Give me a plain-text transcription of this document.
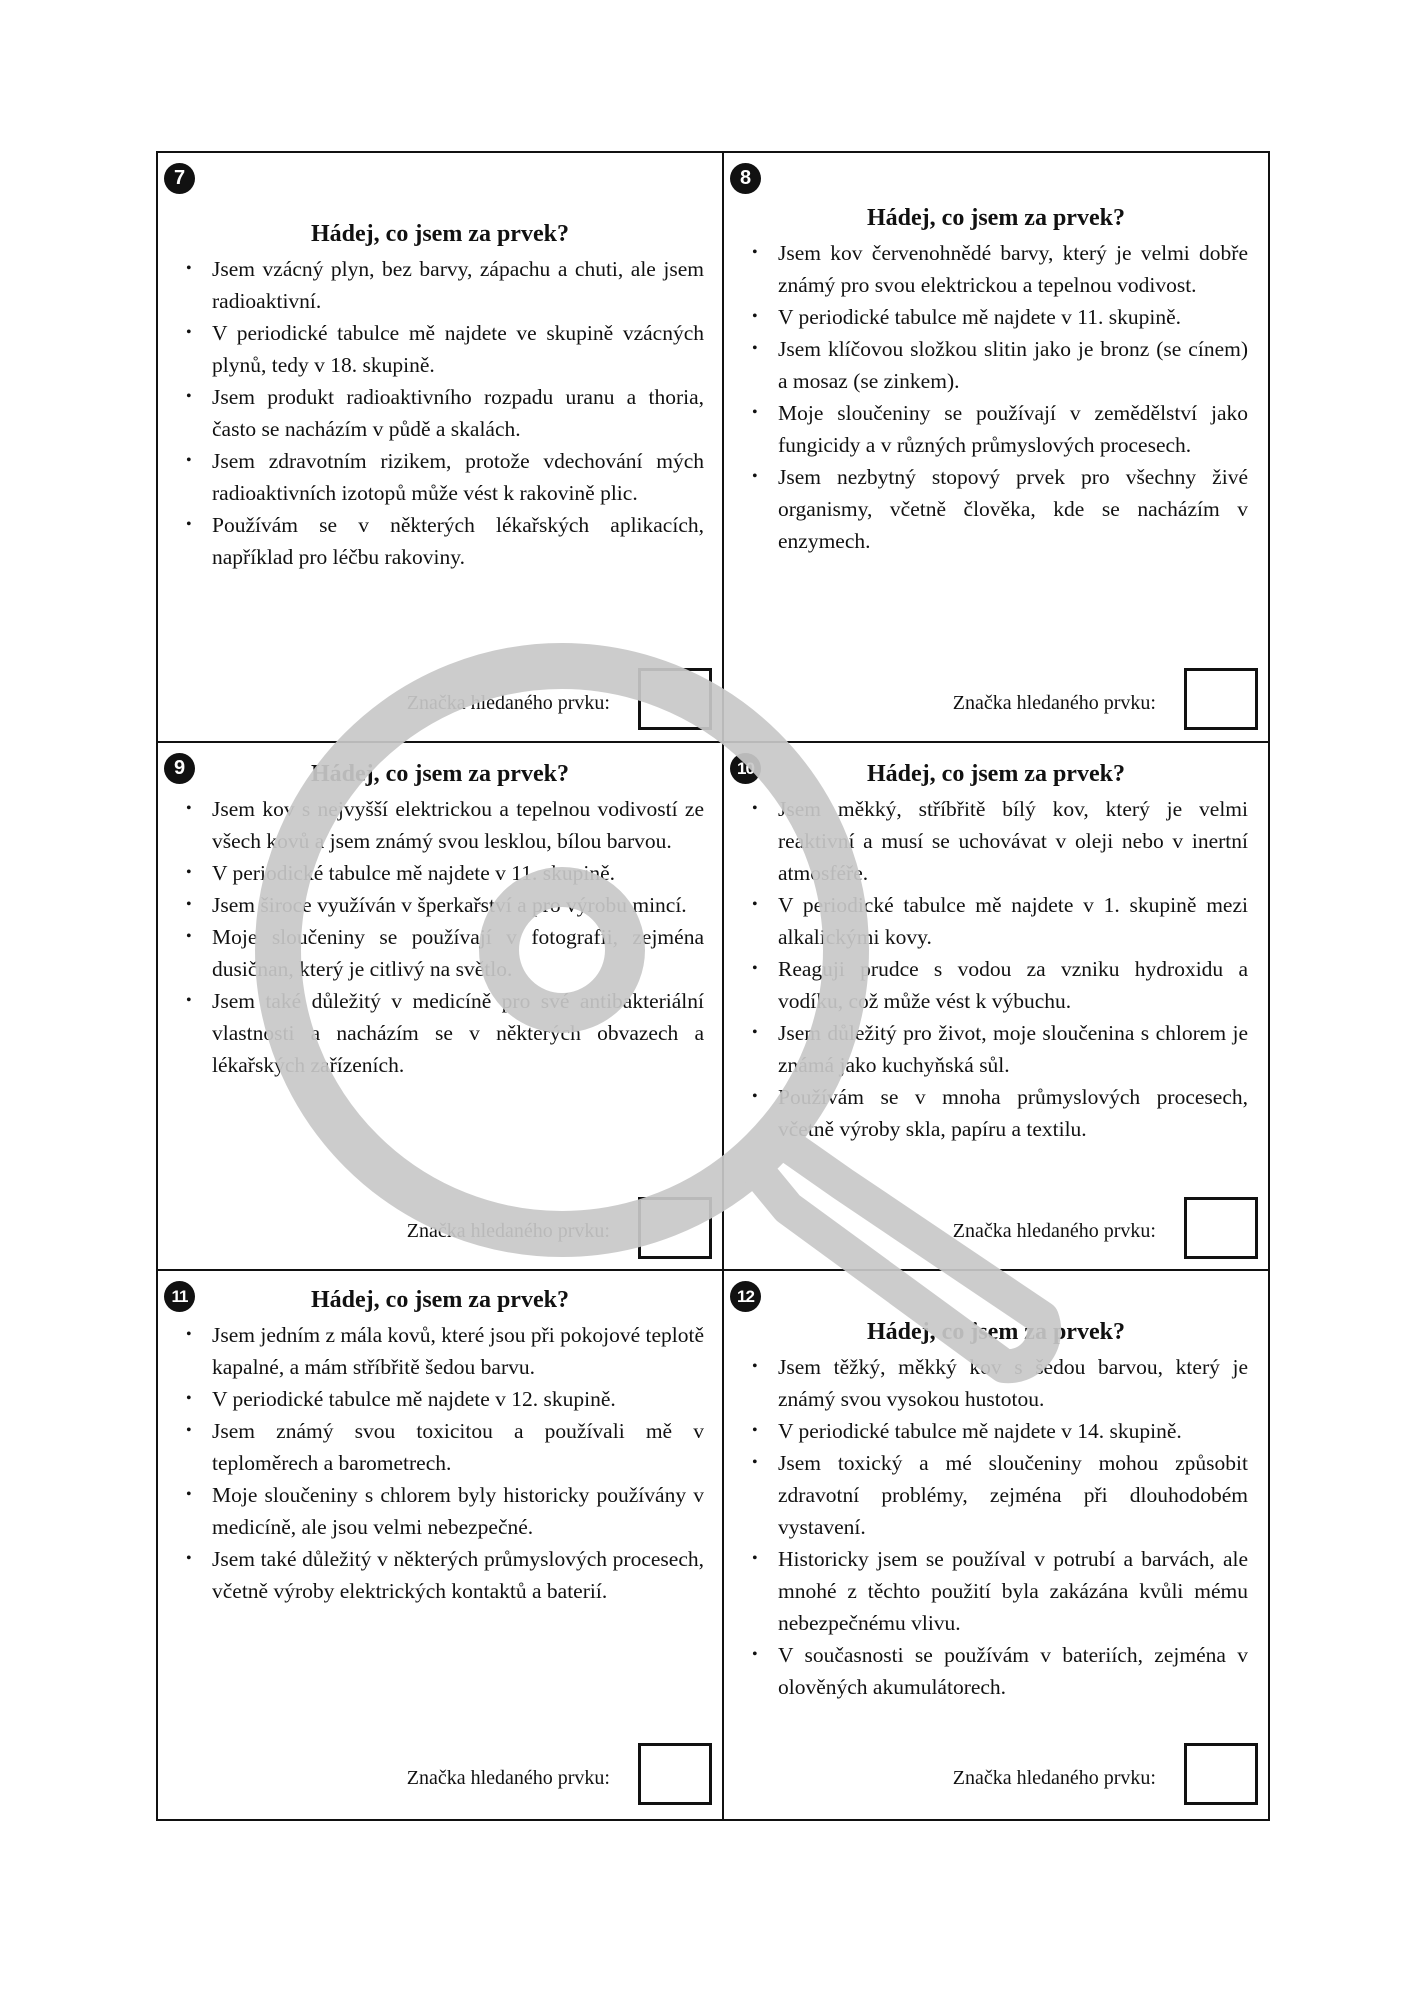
7
Hádej, co jsem za prvek?
• Jsem vzácný plyn, bez barvy, zápachu a chuti, ale jsem radioaktivní.
• V periodické tabulce mě najdete ve skupině vzácných plynů, tedy v 18. skupině.
• Jsem produkt radioaktivního rozpadu uranu a thoria, často se nacházím v půdě a skalách.
• Jsem zdravotním rizikem, protože vdechování mých radioaktivních izotopů může vést k rakovině plic.
• Používám se v některých lékařských aplikacích, například pro léčbu rakoviny.
Značka hledaného prvku:
8
Hádej, co jsem za prvek?
• Jsem kov červenohnědé barvy, který je velmi dobře známý pro svou elektrickou a tepelnou vodivost.
• V periodické tabulce mě najdete v 11. skupině.
• Jsem klíčovou složkou slitin jako je bronz (se cínem) a mosaz (se zinkem).
• Moje sloučeniny se používají v zemědělství jako fungicidy a v různých průmyslových procesech.
• Jsem nezbytný stopový prvek pro všechny živé organismy, včetně člověka, kde se nacházím v enzymech.
Značka hledaného prvku:
9	Hádej, co jsem za prvek?
• Jsem kov s nejvyšší elektrickou a tepelnou vodivostí ze všech kovů a jsem známý svou lesklou, bílou barvou.
• V periodické tabulce mě najdete v 11. skupině.
• Jsem široce využíván v šperkařství a pro výrobu mincí.
• Moje sloučeniny se používají v fotografii, zejména dusičnan, který je citlivý na světlo.
• Jsem také důležitý v medicíně pro své antibakteriální vlastnosti a nacházím se v některých obvazech a lékařských zařízeních.
Značka hledaného prvku:
10	Hádej, co jsem za prvek?
• Jsem měkký, stříbřitě bílý kov, který je velmi reaktivní a musí se uchovávat v oleji nebo v inertní atmosféře.
• V periodické tabulce mě najdete v 1. skupině mezi alkalickými kovy.
• Reaguji prudce s vodou za vzniku hydroxidu a vodíku, což může vést k výbuchu.
• Jsem důležitý pro život, moje sloučenina s chlorem je známá jako kuchyňská sůl.
• Používám se v mnoha průmyslových procesech, včetně výroby skla, papíru a textilu.
Značka hledaného prvku:
11	Hádej, co jsem za prvek?
• Jsem jedním z mála kovů, které jsou při pokojové teplotě kapalné, a mám stříbřitě šedou barvu.
• V periodické tabulce mě najdete v 12. skupině.
• Jsem známý svou toxicitou a používali mě v teploměrech a barometrech.
• Moje sloučeniny s chlorem byly historicky používány v medicíně, ale jsou velmi nebezpečné.
• Jsem také důležitý v některých průmyslových procesech, včetně výroby elektrických kontaktů a baterií.
Značka hledaného prvku:
12
Hádej, co jsem za prvek?
• Jsem těžký, měkký kov s šedou barvou, který je známý svou vysokou hustotou.
• V periodické tabulce mě najdete v 14. skupině.
• Jsem toxický a mé sloučeniny mohou způsobit zdravotní problémy, zejména při dlouhodobém vystavení.
• Historicky jsem se používal v potrubí a barvách, ale mnohé z těchto použití byla zakázána kvůli mému nebezpečnému vlivu.
• V současnosti se používám v bateriích, zejména v olověných akumulátorech.
Značka hledaného prvku:
